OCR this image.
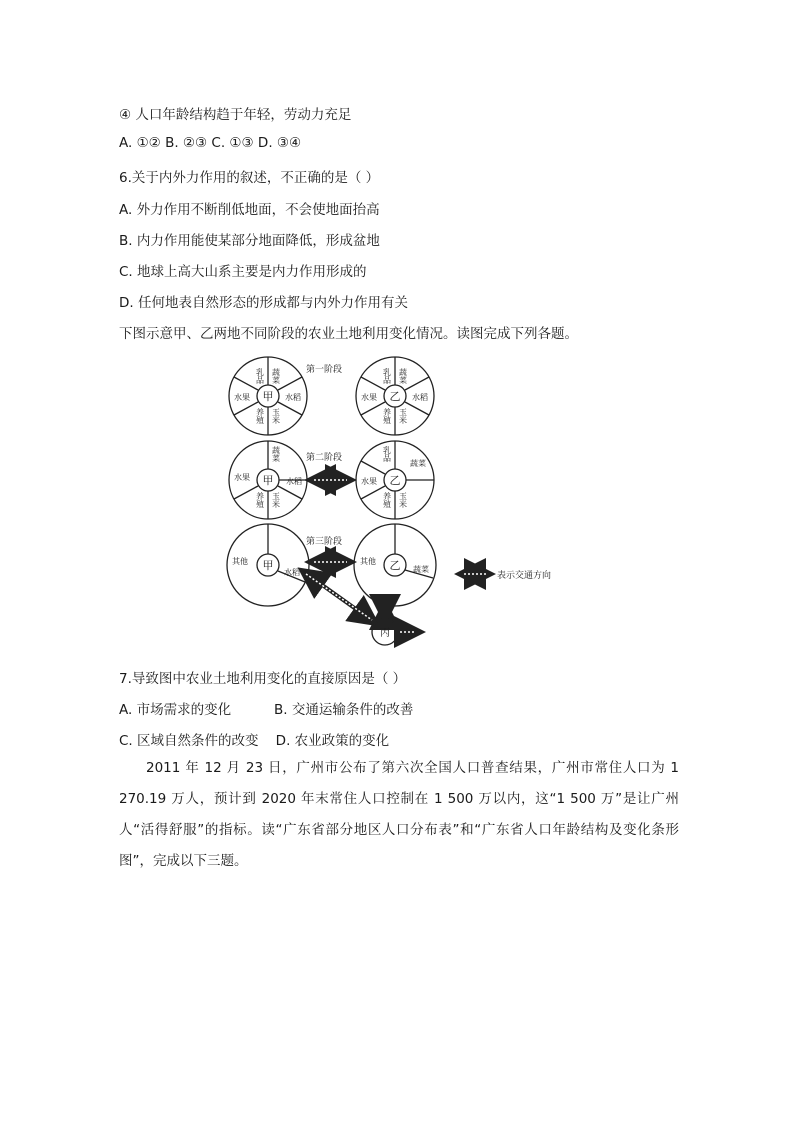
④ 人口年龄结构趋于年轻，劳动力充足
A. ①② B. ②③ C. ①③ D. ③④
6.关于内外力作用的叙述，不正确的是（ ）
A. 外力作用不断削低地面，不会使地面抬高
B. 内力作用能使某部分地面降低，形成盆地
C. 地球上高大山系主要是内力作用形成的
D. 任何地表自然形态的形成都与内外力作用有关
下图示意甲、乙两地不同阶段的农业土地利用变化情况。读图完成下列各题。
甲
乳品 蔬菜
水稻
玉米
养殖
水果
第一阶段
乙
乳品 蔬菜
水稻
玉米
养殖
水果
甲
蔬菜
水稻
玉米
养殖
水果
第二阶段
乙
乳品
蔬菜
玉米
养殖
水果
甲
水稻
其他
第三阶段
乙 蔬菜
其他
丙
表示交通方向
7.导致图中农业土地利用变化的直接原因是（ ）
A. 市场需求的变化          B. 交通运输条件的改善
C. 区域自然条件的改变    D. 农业政策的变化
2011 年 12 月 23 日，广州市公布了第六次全国人口普查结果，广州市常住人口为 1 270.19 万人，预计到 2020 年末常住人口控制在 1 500 万以内，这“1 500 万”是让广州人“活得舒服”的指标。读“广东省部分地区人口分布表”和“广东省人口年龄结构及变化条形图”，完成以下三题。
